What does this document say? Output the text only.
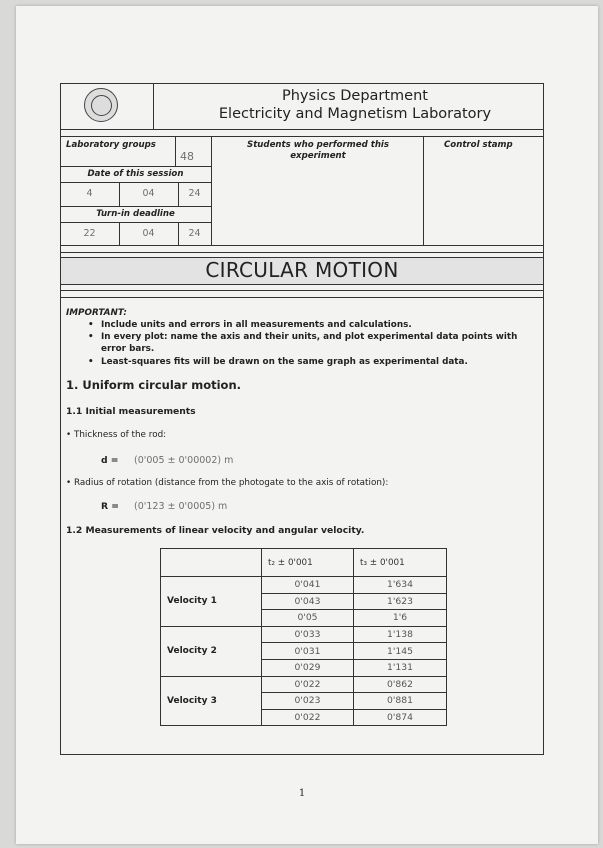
Physics Department
Electricity and Magnetism Laboratory
Laboratory groups
48
Students who performed this experiment
Control stamp
Date of this session
4	04	24
Turn-in deadline
22	04	24
CIRCULAR MOTION
IMPORTANT:
• Include units and errors in all measurements and calculations.
• In every plot: name the axis and their units, and plot experimental data points with error bars.
• Least-squares fits will be drawn on the same graph as experimental data.
1. Uniform circular motion.
1.1 Initial measurements
• Thickness of the rod:
d = (0'005 ± 0'00002) m
• Radius of rotation (distance from the photogate to the axis of rotation):
R = (0'123 ± 0'0005) m
1.2 Measurements of linear velocity and angular velocity.
	t₂ ± 0'001	t₃ ± 0'001
Velocity 1	0'041	1'634
	0'043	1'623
	0'05	1'6
Velocity 2	0'033	1'138
	0'031	1'145
	0'029	1'131
Velocity 3	0'022	0'862
	0'023	0'881
	0'022	0'874
1
